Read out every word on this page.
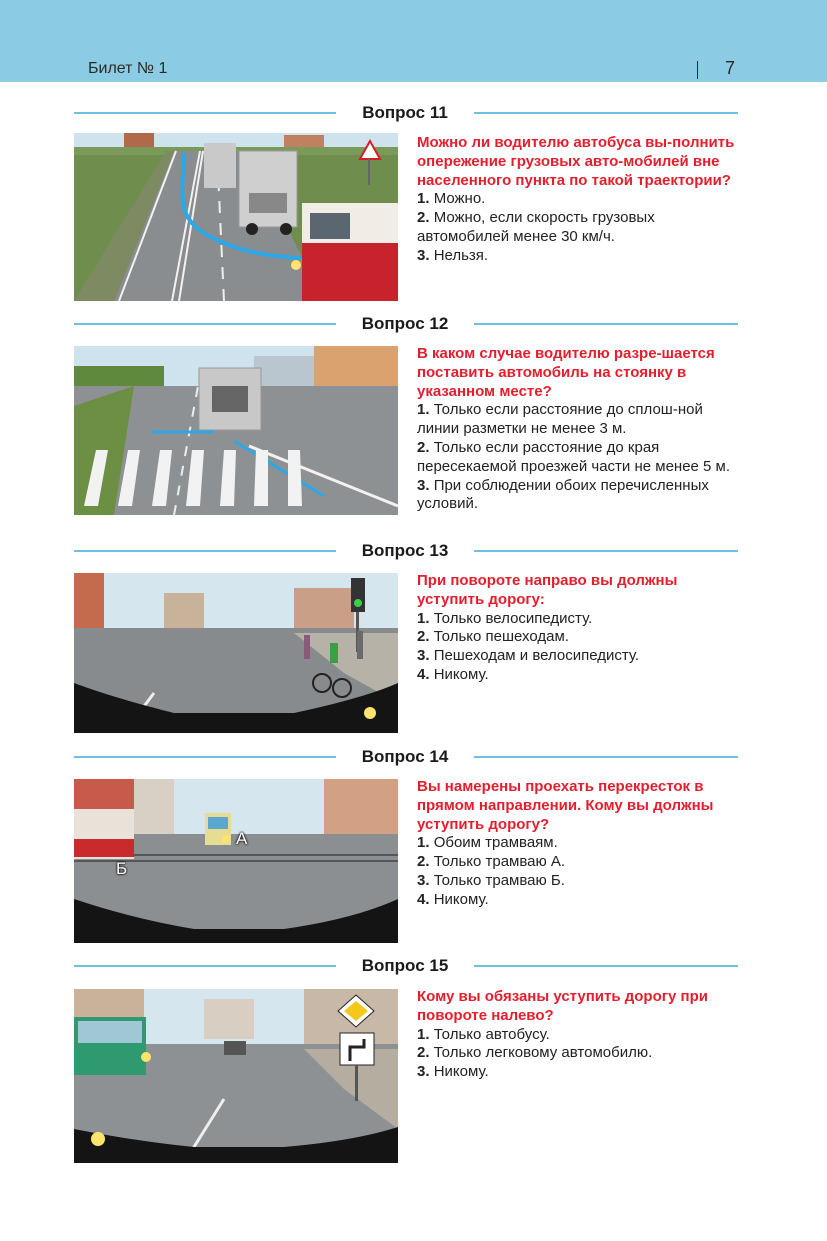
Билет № 1	7
Вопрос 11

Можно ли водителю автобуса вы-полнить опережение грузовых авто-мобилей вне населенного пункта по такой траектории?

1. Можно.

2. Можно, если скорость грузовых автомобилей менее 30 км/ч.

3. Нельзя.

Вопрос 12

В каком случае водителю разре-шается поставить автомобиль на стоянку в указанном месте?

1. Только если расстояние до сплош-ной линии разметки не менее 3 м.

2. Только если расстояние до края пересекаемой проезжей части не менее 5 м.

3. При соблюдении обоих перечисленных условий.

Вопрос 13

При повороте направо вы должны уступить дорогу:

1. Только велосипедисту.

2. Только пешеходам.

3. Пешеходам и велосипедисту.

4. Никому.

Вопрос 14
А
Б

Вы намерены проехать перекресток в прямом направлении. Кому вы должны уступить дорогу?

1. Обоим трамваям.

2. Только трамваю А.

3. Только трамваю Б.

4. Никому.

Вопрос 15

Кому вы обязаны уступить дорогу при повороте налево?

1. Только автобусу.

2. Только легковому автомобилю.

3. Никому.
